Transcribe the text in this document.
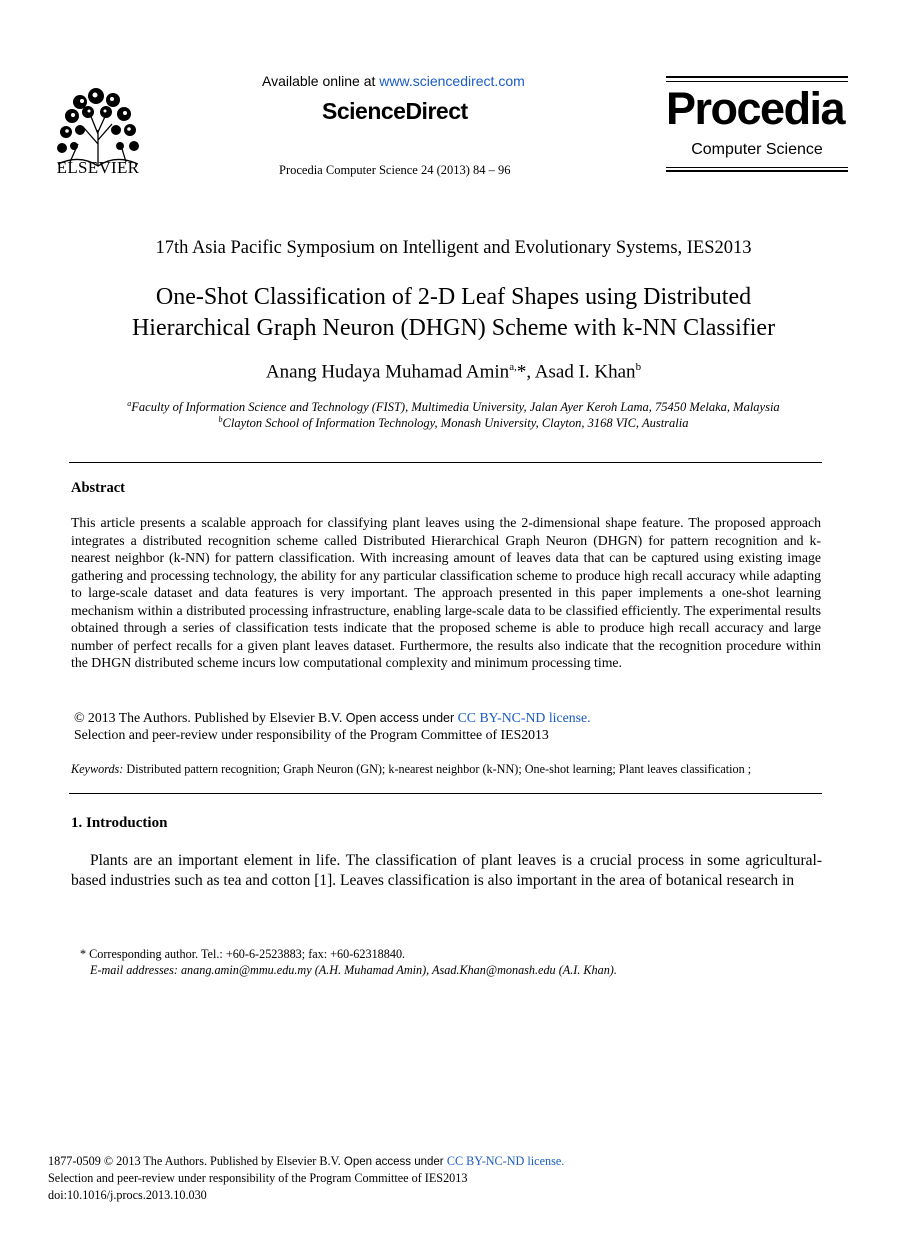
ELSEVIER
Available online at www.sciencedirect.com
ScienceDirect
Procedia Computer Science 24 (2013) 84 – 96
Procedia
Computer Science
17th Asia Pacific Symposium on Intelligent and Evolutionary Systems, IES2013
One-Shot Classification of 2-D Leaf Shapes using Distributed
Hierarchical Graph Neuron (DHGN) Scheme with k-NN Classifier
Anang Hudaya Muhamad Amin$^{a,}$*, Asad I. Khan$^b$
$^a$Faculty of Information Science and Technology (FIST), Multimedia University, Jalan Ayer Keroh Lama, 75450 Melaka, Malaysia
$^b$Clayton School of Information Technology, Monash University, Clayton, 3168 VIC, Australia
Abstract
This article presents a scalable approach for classifying plant leaves using the 2-dimensional shape feature. The proposed approach integrates a distributed recognition scheme called Distributed Hierarchical Graph Neuron (DHGN) for pattern recognition and k-nearest neighbor (k-NN) for pattern classification. With increasing amount of leaves data that can be captured using existing image gathering and processing technology, the ability for any particular classification scheme to produce high recall accuracy while adapting to large-scale dataset and data features is very important. The approach presented in this paper implements a one-shot learning mechanism within a distributed processing infrastructure, enabling large-scale data to be classified efficiently. The experimental results obtained through a series of classification tests indicate that the proposed scheme is able to produce high recall accuracy and large number of perfect recalls for a given plant leaves dataset. Furthermore, the results also indicate that the recognition procedure within the DHGN distributed scheme incurs low computational complexity and minimum processing time.
© 2013 The Authors. Published by Elsevier B.V. Open access under CC BY-NC-ND license.
Selection and peer-review under responsibility of the Program Committee of IES2013
Keywords: Distributed pattern recognition; Graph Neuron (GN); k-nearest neighbor (k-NN); One-shot learning; Plant leaves classification ;
1. Introduction
Plants are an important element in life. The classification of plant leaves is a crucial process in some agricultural-based industries such as tea and cotton [1]. Leaves classification is also important in the area of botanical research in
* Corresponding author. Tel.: +60-6-2523883; fax: +60-62318840.
E-mail addresses: anang.amin@mmu.edu.my (A.H. Muhamad Amin), Asad.Khan@monash.edu (A.I. Khan).
1877-0509 © 2013 The Authors. Published by Elsevier B.V. Open access under CC BY-NC-ND license.
Selection and peer-review under responsibility of the Program Committee of IES2013
doi:10.1016/j.procs.2013.10.030
